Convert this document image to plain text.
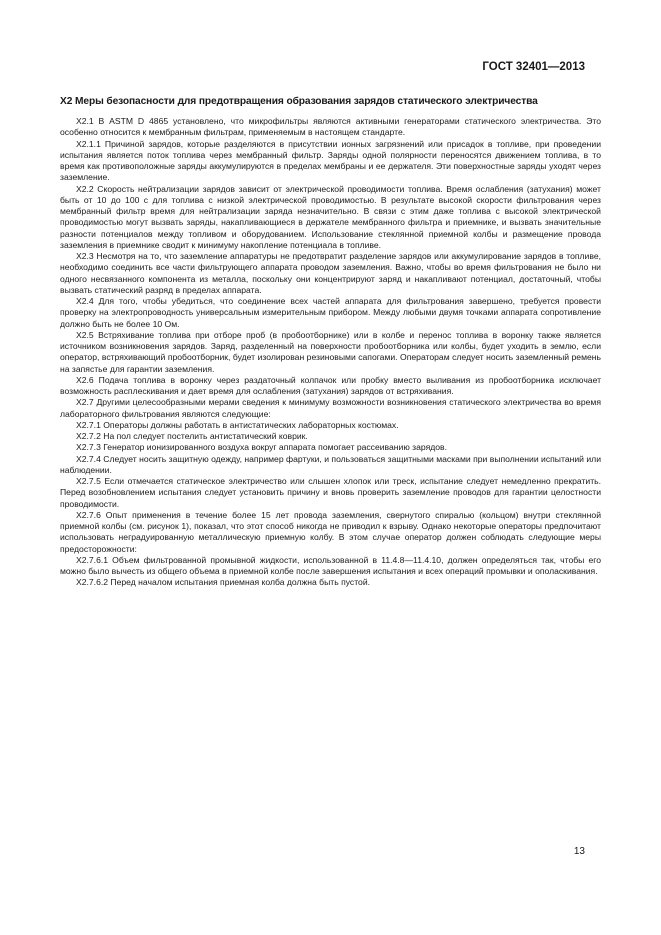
ГОСТ 32401—2013
X2 Меры безопасности для предотвращения образования зарядов статического электричества

X2.1 В ASTM D 4865 установлено, что микрофильтры являются активными генераторами статического электричества. Это особенно относится к мембранным фильтрам, применяемым в настоящем стандарте.

X2.1.1 Причиной зарядов, которые разделяются в присутствии ионных загрязнений или присадок в топливе, при проведении испытания является поток топлива через мембранный фильтр. Заряды одной полярности переносятся движением топлива, в то время как противоположные заряды аккумулируются в пределах мембраны и ее держателя. Эти поверхностные заряды уходят через заземление.

X2.2 Скорость нейтрализации зарядов зависит от электрической проводимости топлива. Время ослабления (затухания) может быть от 10 до 100 с для топлива с низкой электрической проводимостью. В результате высокой скорости фильтрования через мембранный фильтр время для нейтрализации заряда незначительно. В связи с этим даже топлива с высокой электрической проводимостью могут вызвать заряды, накапливающиеся в держателе мембранного фильтра и приемнике, и вызвать значительные разности потенциалов между топливом и оборудованием. Использование стеклянной приемной колбы и размещение провода заземления в приемнике сводит к минимуму накопление потенциала в топливе.

X2.3 Несмотря на то, что заземление аппаратуры не предотвратит разделение зарядов или аккумулирование зарядов в топливе, необходимо соединить все части фильтрующего аппарата проводом заземления. Важно, чтобы во время фильтрования не было ни одного несвязанного компонента из металла, поскольку они концентрируют заряд и накапливают потенциал, достаточный, чтобы вызвать статический разряд в пределах аппарата.

X2.4 Для того, чтобы убедиться, что соединение всех частей аппарата для фильтрования завершено, требуется провести проверку на электропроводность универсальным измерительным прибором. Между любыми двумя точками аппарата сопротивление должно быть не более 10 Ом.

X2.5 Встряхивание топлива при отборе проб (в пробоотборнике) или в колбе и перенос топлива в воронку также является источником возникновения зарядов. Заряд, разделенный на поверхности пробоотборника или колбы, будет уходить в землю, если оператор, встряхивающий пробоотборник, будет изолирован резиновыми сапогами. Операторам следует носить заземленный ремень на запястье для гарантии заземления.

X2.6 Подача топлива в воронку через раздаточный колпачок или пробку вместо выливания из пробоотборника исключает возможность расплескивания и дает время для ослабления (затухания) зарядов от встряхивания.

X2.7 Другими целесообразными мерами сведения к минимуму возможности возникновения статического электричества во время лабораторного фильтрования являются следующие:

X2.7.1 Операторы должны работать в антистатических лабораторных костюмах.

X2.7.2 На пол следует постелить антистатический коврик.

X2.7.3 Генератор ионизированного воздуха вокруг аппарата помогает рассеиванию зарядов.

X2.7.4 Следует носить защитную одежду, например фартуки, и пользоваться защитными масками при выполнении испытаний или наблюдении.

X2.7.5 Если отмечается статическое электричество или слышен хлопок или треск, испытание следует немедленно прекратить. Перед возобновлением испытания следует установить причину и вновь проверить заземление проводов для гарантии целостности проводимости.

X2.7.6 Опыт применения в течение более 15 лет провода заземления, свернутого спиралью (кольцом) внутри стеклянной приемной колбы (см. рисунок 1), показал, что этот способ никогда не приводил к взрыву. Однако некоторые операторы предпочитают использовать неградуированную металлическую приемную колбу. В этом случае оператор должен соблюдать следующие меры предосторожности:

X2.7.6.1 Объем фильтрованной промывной жидкости, использованной в 11.4.8—11.4.10, должен определяться так, чтобы его можно было вычесть из общего объема в приемной колбе после завершения испытания и всех операций промывки и ополаскивания.

X2.7.6.2 Перед началом испытания приемная колба должна быть пустой.

13
